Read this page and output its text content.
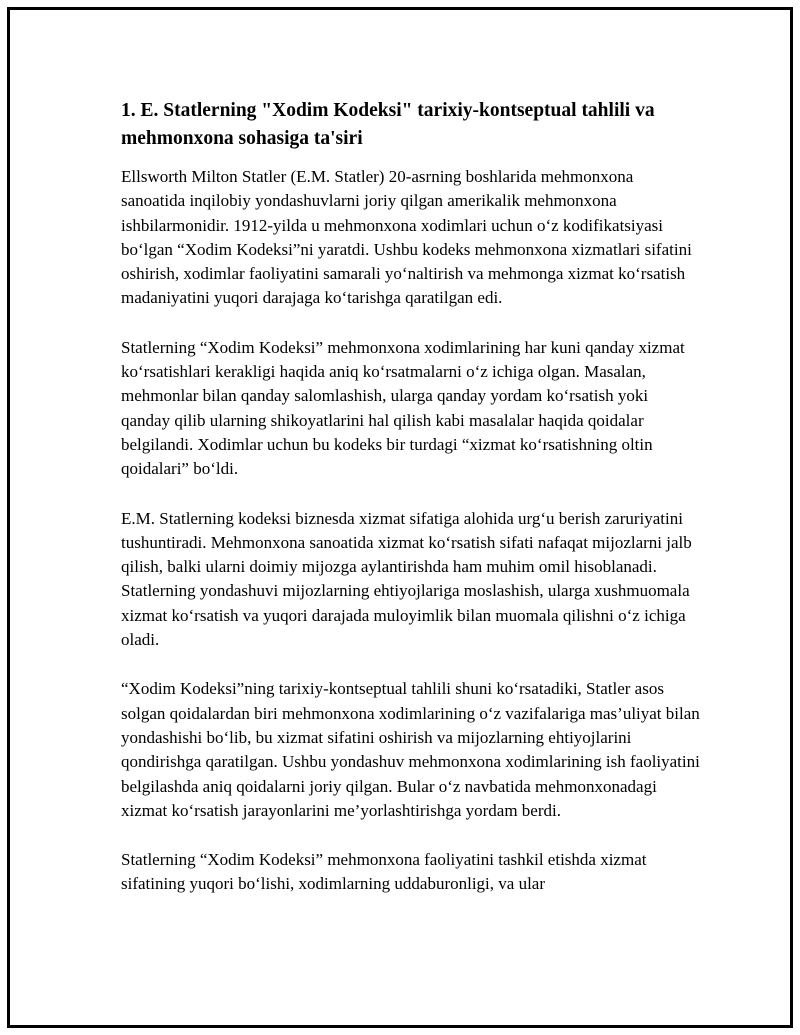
1. E. Statlerning "Xodim Kodeksi" tarixiy-kontseptual tahlili va mehmonxona sohasiga ta'siri

Ellsworth Milton Statler (E.M. Statler) 20-asrning boshlarida mehmonxona sanoatida inqilobiy yondashuvlarni joriy qilgan amerikalik mehmonxona ishbilarmonidir. 1912-yilda u mehmonxona xodimlari uchun oʻz kodifikatsiyasi boʻlgan “Xodim Kodeksi”ni yaratdi. Ushbu kodeks mehmonxona xizmatlari sifatini oshirish, xodimlar faoliyatini samarali yoʻnaltirish va mehmonga xizmat koʻrsatish madaniyatini yuqori darajaga koʻtarishga qaratilgan edi.

Statlerning “Xodim Kodeksi” mehmonxona xodimlarining har kuni qanday xizmat koʻrsatishlari kerakligi haqida aniq koʻrsatmalarni oʻz ichiga olgan. Masalan, mehmonlar bilan qanday salomlashish, ularga qanday yordam koʻrsatish yoki qanday qilib ularning shikoyatlarini hal qilish kabi masalalar haqida qoidalar belgilandi. Xodimlar uchun bu kodeks bir turdagi “xizmat koʻrsatishning oltin qoidalari” boʻldi.

E.M. Statlerning kodeksi biznesda xizmat sifatiga alohida urgʻu berish zaruriyatini tushuntiradi. Mehmonxona sanoatida xizmat koʻrsatish sifati nafaqat mijozlarni jalb qilish, balki ularni doimiy mijozga aylantirishda ham muhim omil hisoblanadi. Statlerning yondashuvi mijozlarning ehtiyojlariga moslashish, ularga xushmuomala xizmat koʻrsatish va yuqori darajada muloyimlik bilan muomala qilishni oʻz ichiga oladi.

“Xodim Kodeksi”ning tarixiy-kontseptual tahlili shuni koʻrsatadiki, Statler asos solgan qoidalardan biri mehmonxona xodimlarining oʻz vazifalariga mas’uliyat bilan yondashishi boʻlib, bu xizmat sifatini oshirish va mijozlarning ehtiyojlarini qondirishga qaratilgan. Ushbu yondashuv mehmonxona xodimlarining ish faoliyatini belgilashda aniq qoidalarni joriy qilgan. Bular oʻz navbatida mehmonxonadagi xizmat koʻrsatish jarayonlarini me’yorlashtirishga yordam berdi.

Statlerning “Xodim Kodeksi” mehmonxona faoliyatini tashkil etishda xizmat sifatining yuqori boʻlishi, xodimlarning uddaburonligi, va ular
